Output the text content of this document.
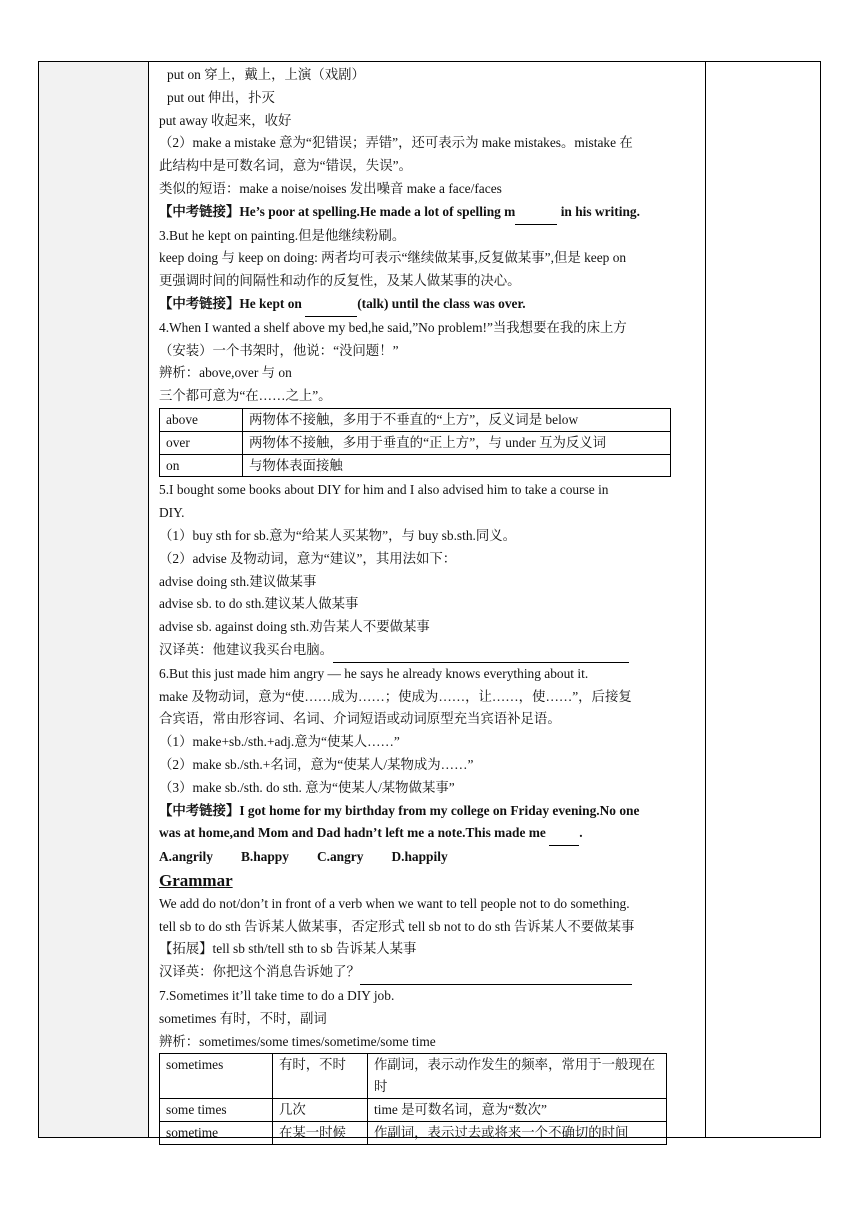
put on 穿上，戴上，上演（戏剧）
put out 伸出，扑灭
put away 收起来，收好
（2）make a mistake 意为“犯错误；弄错”，还可表示为 make mistakes。mistake 在
此结构中是可数名词，意为“错误，失误”。
类似的短语：make a noise/noises 发出噪音 make a face/faces
【中考链接】He’s poor at spelling.He made a lot of spelling m	in his writing.
3.But he kept on painting.但是他继续粉刷。
keep doing 与 keep on doing: 两者均可表示“继续做某事,反复做某事”,但是 keep on
更强调时间的间隔性和动作的反复性，及某人做某事的决心。
【中考链接】He kept on	(talk) until the class was over.
4.When I wanted a shelf above my bed,he said,”No problem!”当我想要在我的床上方
（安装）一个书架时，他说：“没问题！”
辨析：above,over 与 on
三个都可意为“在……之上”。
above	两物体不接触，多用于不垂直的“上方”，反义词是 below
over	两物体不接触，多用于垂直的“正上方”，与 under 互为反义词
on	与物体表面接触
5.I bought some books about DIY for him and I also advised him to take a course in
DIY.
（1）buy sth for sb.意为“给某人买某物”，与 buy sb.sth.同义。
（2）advise 及物动词，意为“建议”，其用法如下：
advise doing sth.建议做某事
advise sb. to do sth.建议某人做某事
advise sb. against doing sth.劝告某人不要做某事
汉译英：他建议我买台电脑。
6.But this just made him angry — he says he already knows everything about it.
make 及物动词，意为“使……成为……；使成为……，让……，使……”，后接复
合宾语，常由形容词、名词、介词短语或动词原型充当宾语补足语。
（1）make+sb./sth.+adj.意为“使某人……”
（2）make sb./sth.+名词，意为“使某人/某物成为……”
（3）make sb./sth. do sth. 意为“使某人/某物做某事”
【中考链接】I got home for my birthday from my college on Friday evening.No one
was at home,and Mom and Dad hadn’t left me a note.This made me  .
A.angrily B.happy C.angry D.happily
Grammar
We add do not/don’t in front of a verb when we want to tell people not to do something.
tell sb to do sth 告诉某人做某事，否定形式 tell sb not to do sth 告诉某人不要做某事
【拓展】tell sb sth/tell sth to sb 告诉某人某事
汉译英：你把这个消息告诉她了？
7.Sometimes it’ll take time to do a DIY job.
sometimes 有时，不时，副词
辨析：sometimes/some times/sometime/some time
sometimes	有时，不时	作副词，表示动作发生的频率，常用于一般现在时
some times	几次	time 是可数名词，意为“数次”
sometime	在某一时候	作副词，表示过去或将来一个不确切的时间
